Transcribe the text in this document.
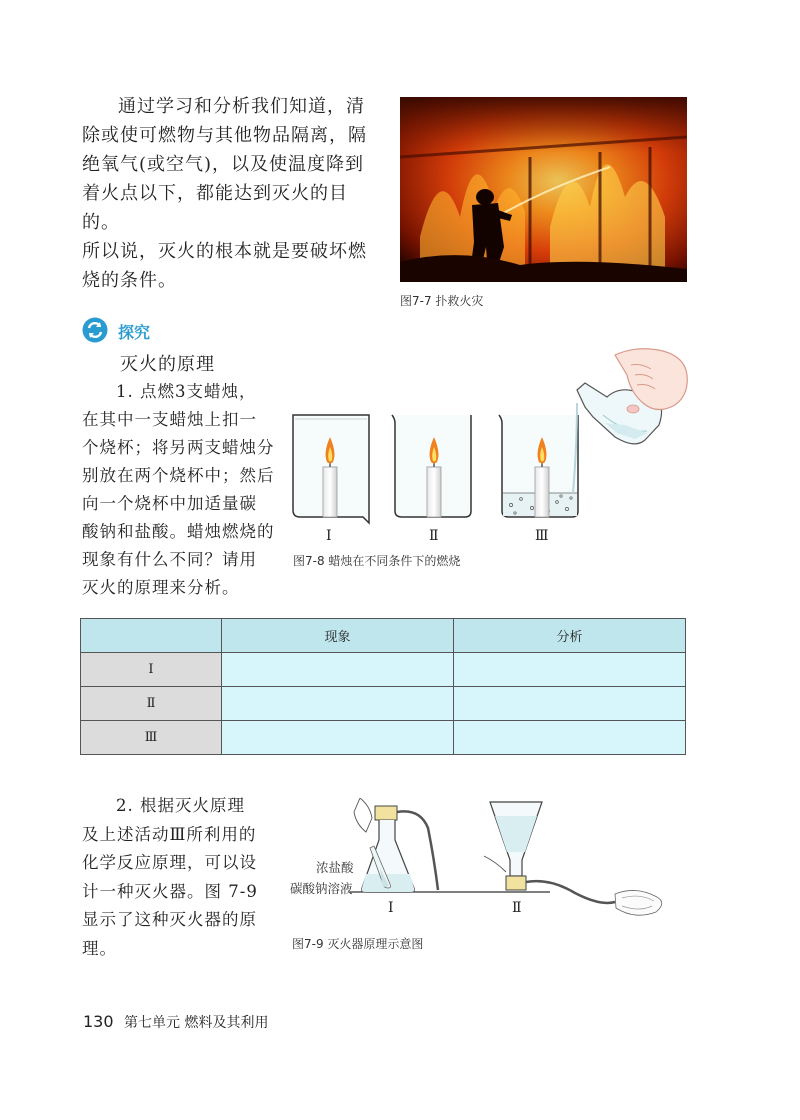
通过学习和分析我们知道，清
除或使可燃物与其他物品隔离，隔
绝氧气(或空气)，以及使温度降到
着火点以下，都能达到灭火的目的。
所以说，灭火的根本就是要破坏燃
烧的条件。
图7-7 扑救火灾
探究
灭火的原理
1. 点燃3支蜡烛，
在其中一支蜡烛上扣一
个烧杯；将另两支蜡烛分
别放在两个烧杯中；然后
向一个烧杯中加适量碳
酸钠和盐酸。蜡烛燃烧的
现象有什么不同？请用
灭火的原理来分析。
Ⅰ	Ⅱ	Ⅲ
图7-8 蜡烛在不同条件下的燃烧
	现象	分析
Ⅰ		
Ⅱ		
Ⅲ		
2. 根据灭火原理
及上述活动Ⅲ所利用的
化学反应原理，可以设
计一种灭火器。图 7-9
显示了这种灭火器的原
理。
浓盐酸
碳酸钠溶液
Ⅰ	Ⅱ
图7-9 灭火器原理示意图
130 第七单元 燃料及其利用
